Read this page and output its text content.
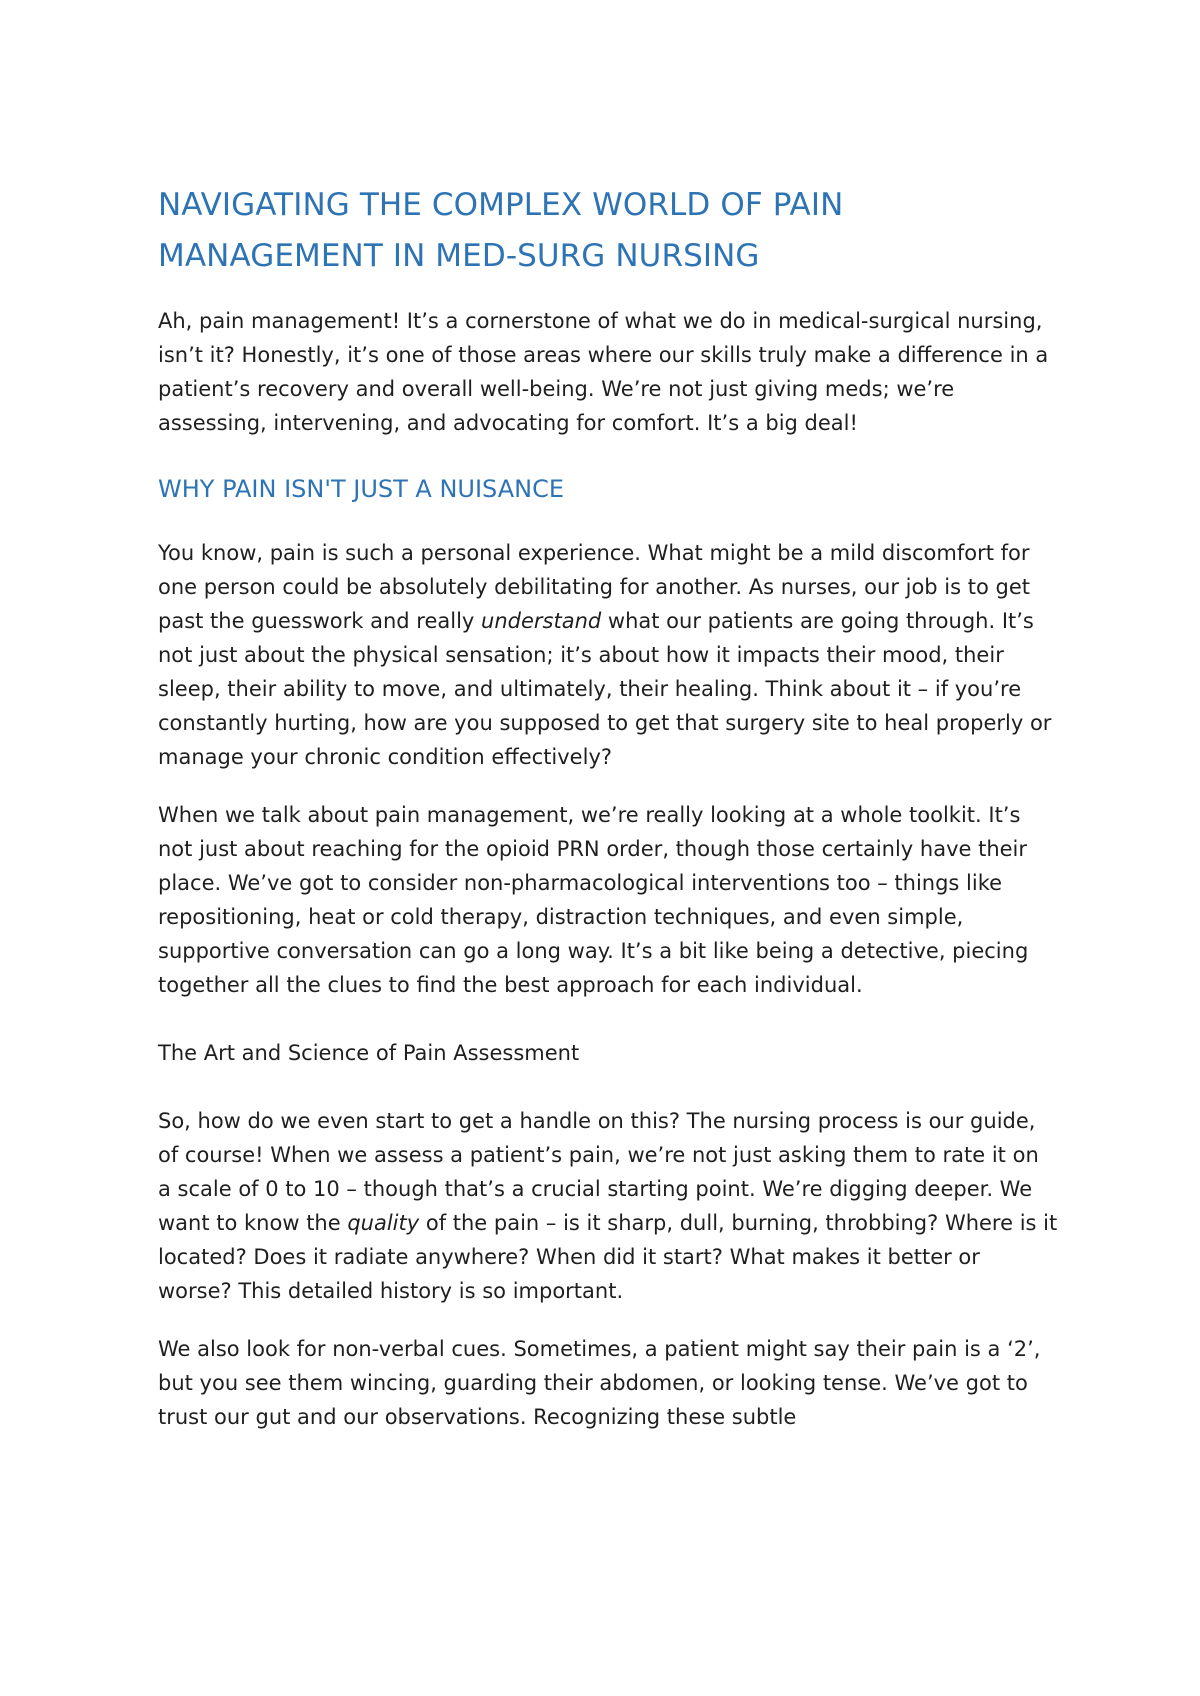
NAVIGATING THE COMPLEX WORLD OF PAIN MANAGEMENT IN MED-SURG NURSING

Ah, pain management! It’s a cornerstone of what we do in medical-surgical nursing, isn’t it? Honestly, it’s one of those areas where our skills truly make a difference in a patient’s recovery and overall well-being. We’re not just giving meds; we’re assessing, intervening, and advocating for comfort. It’s a big deal!

WHY PAIN ISN'T JUST A NUISANCE

You know, pain is such a personal experience. What might be a mild discomfort for one person could be absolutely debilitating for another. As nurses, our job is to get past the guesswork and really understand what our patients are going through. It’s not just about the physical sensation; it’s about how it impacts their mood, their sleep, their ability to move, and ultimately, their healing. Think about it – if you’re constantly hurting, how are you supposed to get that surgery site to heal properly or manage your chronic condition effectively?

When we talk about pain management, we’re really looking at a whole toolkit. It’s not just about reaching for the opioid PRN order, though those certainly have their place. We’ve got to consider non-pharmacological interventions too – things like repositioning, heat or cold therapy, distraction techniques, and even simple, supportive conversation can go a long way. It’s a bit like being a detective, piecing together all the clues to find the best approach for each individual.

The Art and Science of Pain Assessment

So, how do we even start to get a handle on this? The nursing process is our guide, of course! When we assess a patient’s pain, we’re not just asking them to rate it on a scale of 0 to 10 – though that’s a crucial starting point. We’re digging deeper. We want to know the quality of the pain – is it sharp, dull, burning, throbbing? Where is it located? Does it radiate anywhere? When did it start? What makes it better or worse? This detailed history is so important.

We also look for non-verbal cues. Sometimes, a patient might say their pain is a ‘2’, but you see them wincing, guarding their abdomen, or looking tense. We’ve got to trust our gut and our observations. Recognizing these subtle
